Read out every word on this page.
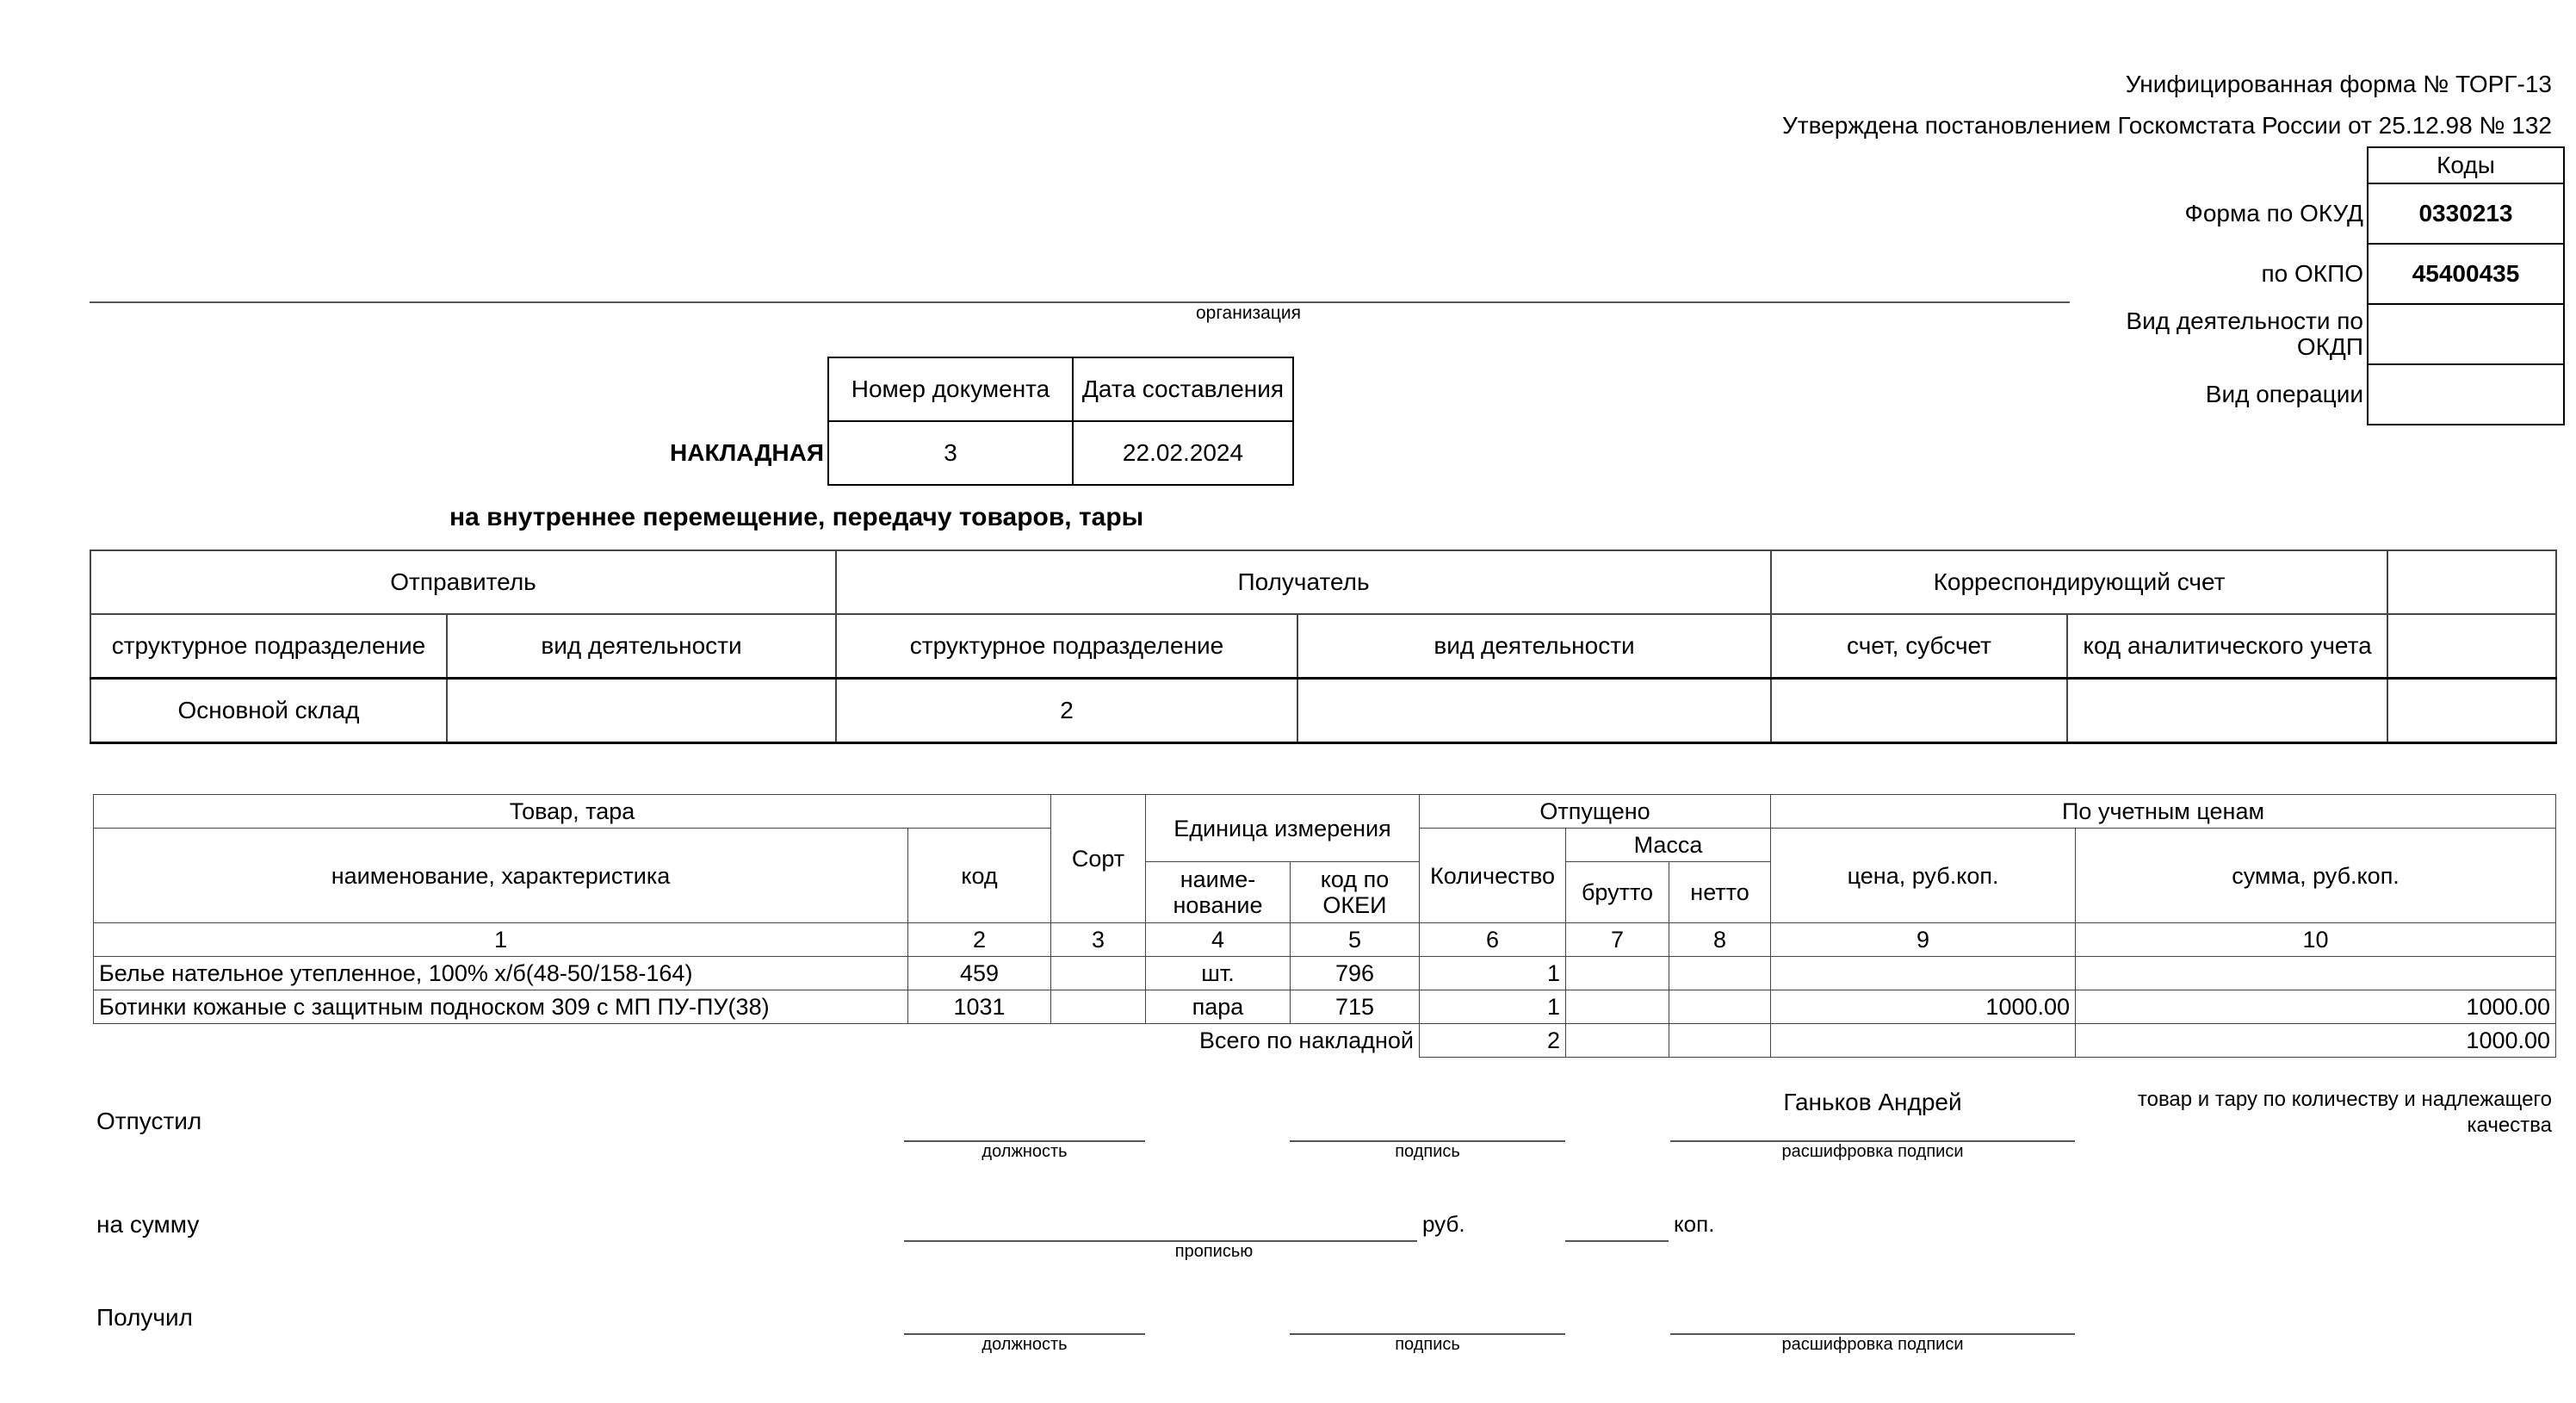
Унифицированная форма № ТОРГ-13
Утверждена постановлением Госкомстата России от 25.12.98 № 132
	Коды
Форма по ОКУД	0330213
по ОКПО	45400435
Вид деятельности по ОКДП	
Вид операции	
организация
	Номер документа	Дата составления
НАКЛАДНАЯ	3	22.02.2024
на внутреннее перемещение, передачу товаров, тары
Отправитель		Получатель		Корреспондирующий счет		
структурное подразделение	вид деятельности	структурное подразделение	вид деятельности	счет, субсчет	код аналитического учета	
Основной склад		2				
Товар, тара		Сорт	Единица измерения		Отпущено			По учетным ценам	
наименование, характеристика	код				Количество	Масса		цена, руб.коп.	сумма, руб.коп.
			наиме-нование	код по ОКЕИ		брутто	нетто		
1	2	3	4	5	6	7	8	9	10
Белье нательное утепленное, 100% х/б(48-50/158-164)	459		шт.	796	1				
Ботинки кожаные с защитным подноском 309 с МП ПУ-ПУ(38)	1031		пара	715	1			1000.00	1000.00
Всего по накладной					2				1000.00
Отпустил
должность	подпись
Ганьков Андрей
расшифровка подписи
товар и тару по количеству и надлежащего качества
на сумму
прописью
руб.	коп.
Получил
должность	подпись	расшифровка подписи
